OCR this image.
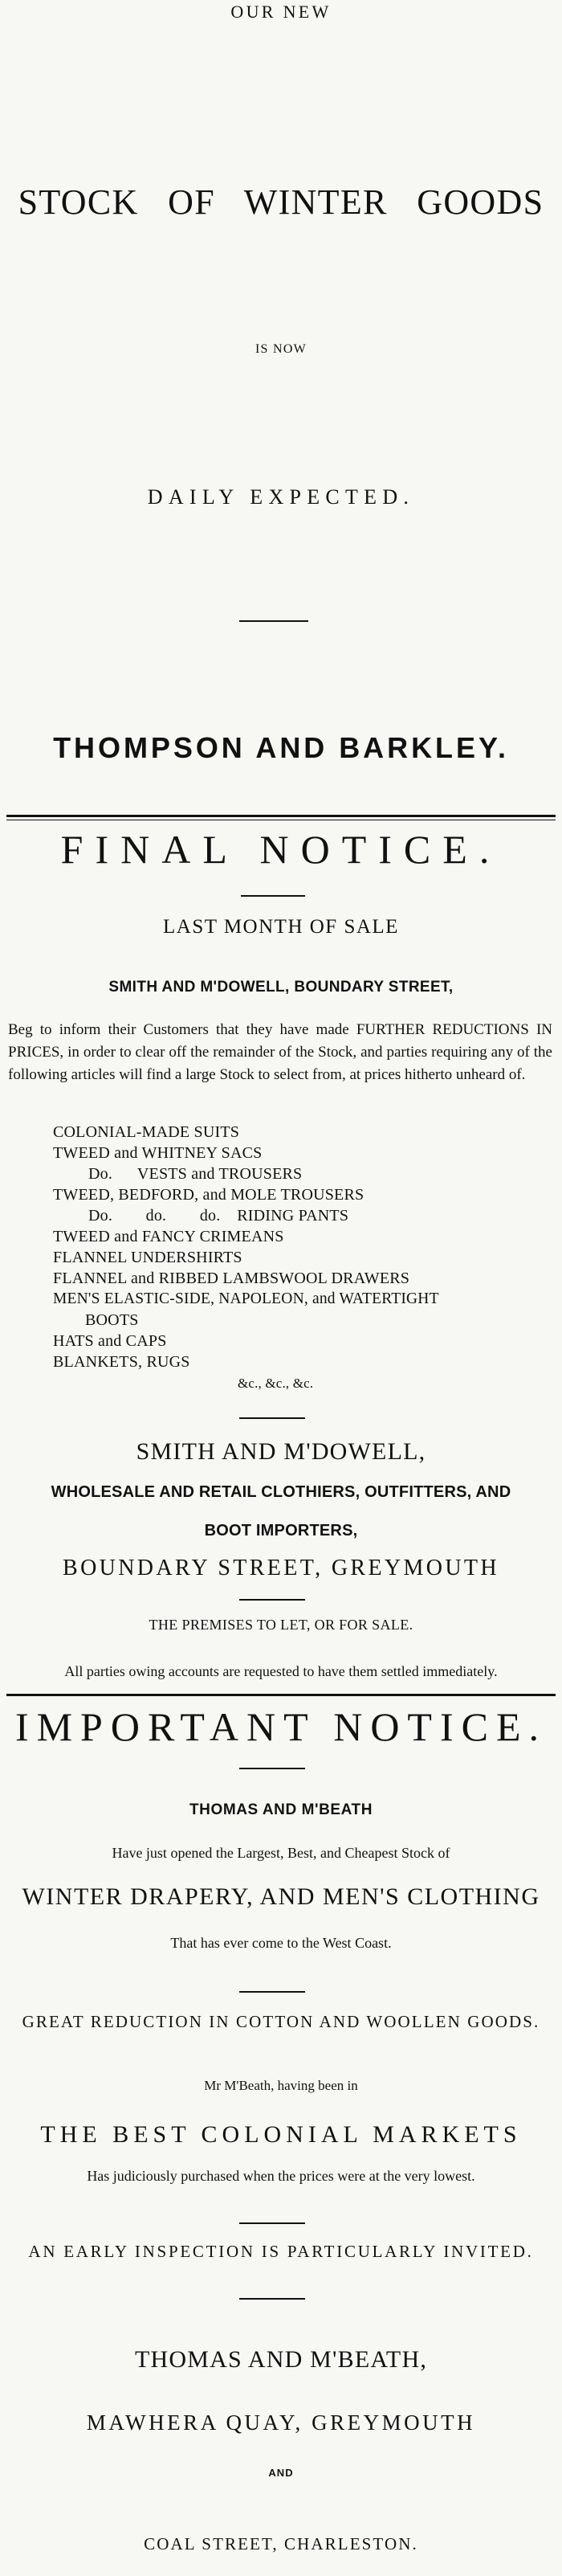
OUR NEW
STOCK OF WINTER GOODS
IS NOW
DAILY EXPECTED.
THOMPSON AND BARKLEY.
FINAL NOTICE.
LAST MONTH OF SALE
SMITH AND M'DOWELL, BOUNDARY STREET,
Beg to inform their Customers that they have made FURTHER REDUCTIONS IN PRICES, in order to clear off the remainder of the Stock, and parties requiring any of the following articles will find a large Stock to select from, at prices hitherto unheard of.
COLONIAL-MADE SUITS
TWEED and WHITNEY SACS
Do.      VESTS and TROUSERS
TWEED, BEDFORD, and MOLE TROUSERS
Do.        do.        do.    RIDING PANTS
TWEED and FANCY CRIMEANS
FLANNEL UNDERSHIRTS
FLANNEL and RIBBED LAMBSWOOL DRAWERS
MEN'S ELASTIC-SIDE, NAPOLEON, and WATERTIGHT
BOOTS
HATS and CAPS
BLANKETS, RUGS
&c., &c., &c.
SMITH AND M'DOWELL,
WHOLESALE AND RETAIL CLOTHIERS, OUTFITTERS, AND
BOOT IMPORTERS,
BOUNDARY STREET, GREYMOUTH
THE PREMISES TO LET, OR FOR SALE.
All parties owing accounts are requested to have them settled immediately.
IMPORTANT NOTICE.
THOMAS AND M'BEATH
Have just opened the Largest, Best, and Cheapest Stock of
WINTER DRAPERY, AND MEN'S CLOTHING
That has ever come to the West Coast.
GREAT REDUCTION IN COTTON AND WOOLLEN GOODS.
Mr M'Beath, having been in
THE BEST COLONIAL MARKETS
Has judiciously purchased when the prices were at the very lowest.
AN EARLY INSPECTION IS PARTICULARLY INVITED.
THOMAS AND M'BEATH,
MAWHERA QUAY, GREYMOUTH
AND
COAL STREET, CHARLESTON.
